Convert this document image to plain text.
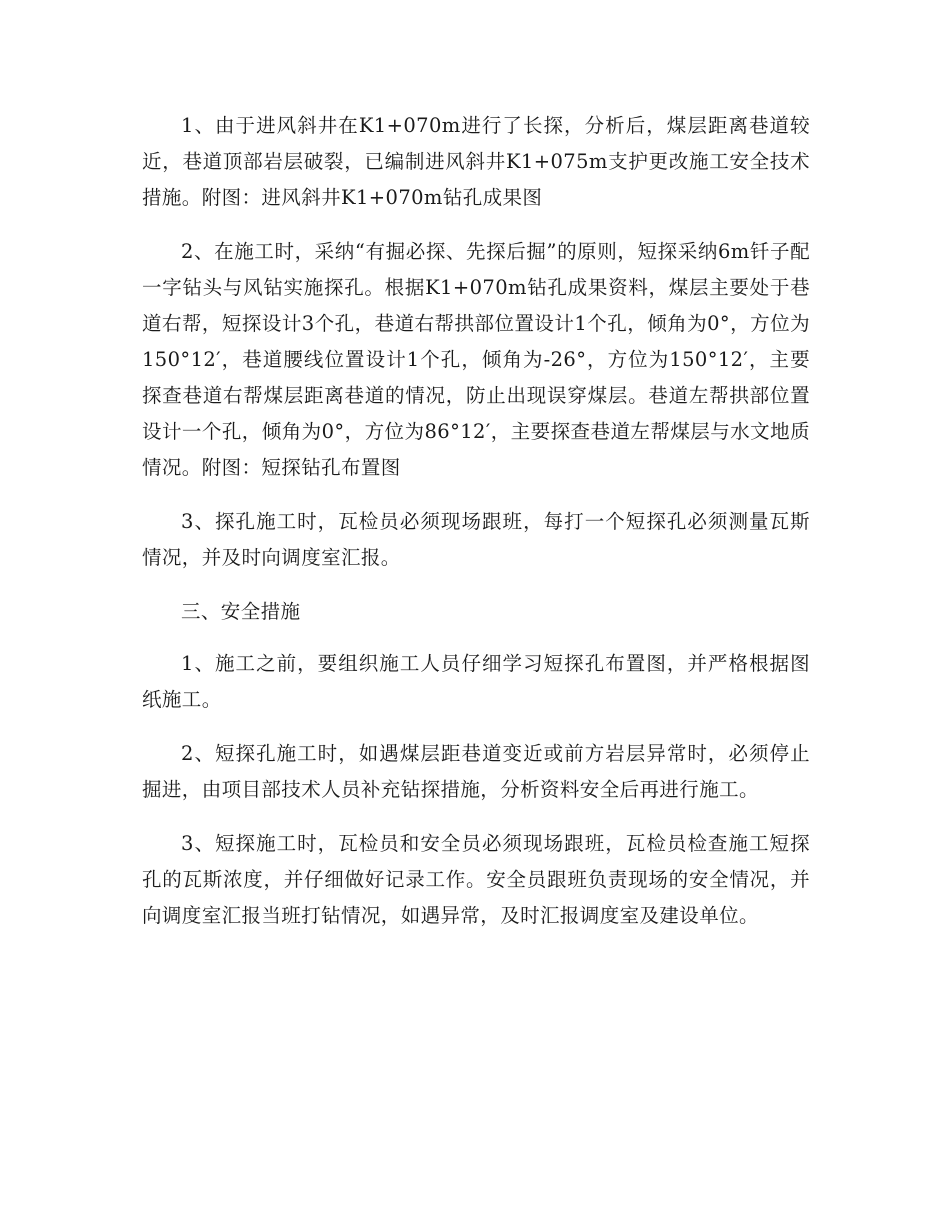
1、由于进风斜井在K1+070m进行了长探，分析后，煤层距离巷道较近，巷道顶部岩层破裂，已编制进风斜井K1+075m支护更改施工安全技术措施。附图：进风斜井K1+070m钻孔成果图

2、在施工时，采纳“有掘必探、先探后掘”的原则，短探采纳6m钎子配一字钻头与风钻实施探孔。根据K1+070m钻孔成果资料，煤层主要处于巷道右帮，短探设计3个孔，巷道右帮拱部位置设计1个孔，倾角为0°，方位为150°12′，巷道腰线位置设计1个孔，倾角为-26°，方位为150°12′，主要探查巷道右帮煤层距离巷道的情况，防止出现误穿煤层。巷道左帮拱部位置设计一个孔，倾角为0°，方位为86°12′，主要探查巷道左帮煤层与水文地质情况。附图：短探钻孔布置图

3、探孔施工时，瓦检员必须现场跟班，每打一个短探孔必须测量瓦斯情况，并及时向调度室汇报。

三、安全措施

1、施工之前，要组织施工人员仔细学习短探孔布置图，并严格根据图纸施工。

2、短探孔施工时，如遇煤层距巷道变近或前方岩层异常时，必须停止掘进，由项目部技术人员补充钻探措施，分析资料安全后再进行施工。

3、短探施工时，瓦检员和安全员必须现场跟班，瓦检员检查施工短探孔的瓦斯浓度，并仔细做好记录工作。安全员跟班负责现场的安全情况，并向调度室汇报当班打钻情况，如遇异常，及时汇报调度室及建设单位。
